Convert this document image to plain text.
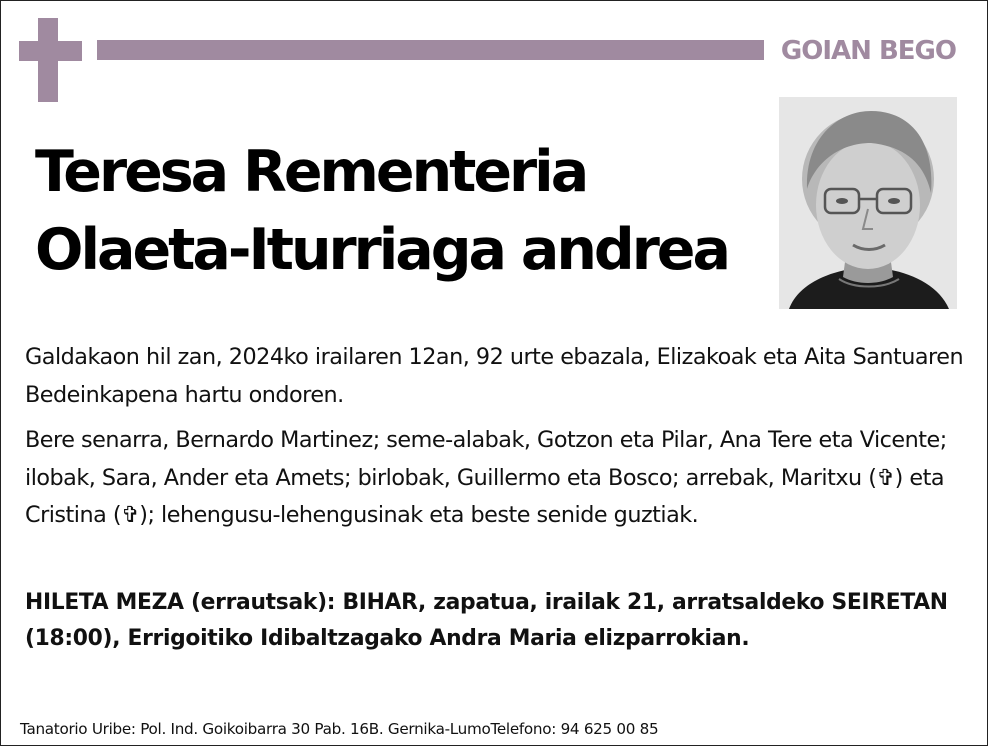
GOIAN BEGO
Teresa Rementeria
Olaeta-Iturriaga andrea
Galdakaon hil zan, 2024ko irailaren 12an, 92 urte ebazala, Elizakoak eta Aita Santuaren Bedeinkapena hartu ondoren.
Bere senarra, Bernardo Martinez; seme-alabak, Gotzon eta Pilar, Ana Tere eta Vicente; ilobak, Sara, Ander eta Amets; birlobak, Guillermo eta Bosco; arrebak, Maritxu (✞) eta Cristina (✞); lehengusu-lehengusinak eta beste senide guztiak.
HILETA MEZA (errautsak): BIHAR, zapatua, irailak 21, arratsaldeko SEIRETAN (18:00), Errigoitiko Idibaltzagako Andra Maria elizparrokian.
Tanatorio Uribe: Pol. Ind. Goikoibarra 30 Pab. 16B. Gernika-LumoTelefono: 94 625 00 85
